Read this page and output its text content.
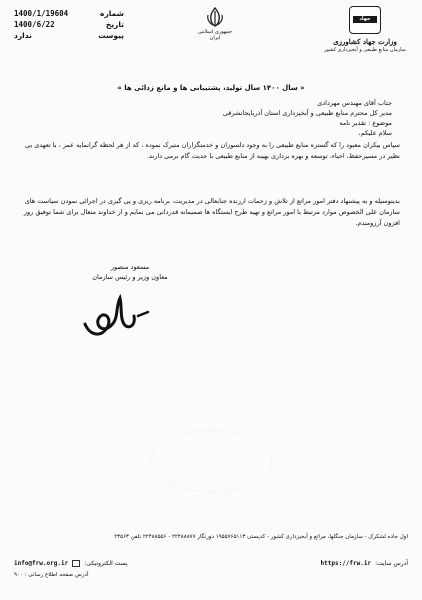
شماره
1400/1/19604
تاریخ
1400/6/22
پیوست
ندارد	جمهوری اسلامی ایران
جهاد
وزارت جهاد کشاورزی
سازمان منابع طبیعی و آبخیزداری کشور
« سال ۱۴۰۰ سال تولید، پشتیبانی ها و مانع زدائی ها »
جناب آقای مهندس مهردادی
مدیر کل محترم منابع طبیعی و آبخیزداری استان آذربایجانشرقی
موضوع : تقدیر نامه
سلام علیکم،
سپاس بیکران معبود را که گستره منابع طبیعی را به وجود دلسوزان و خدمتگزاران متبرک نموده ، که از هر لحظه گرانمایه عمر ، با تعهدی بی نظیر در مسیرحفظ، احیاء، توسعه و بهره برداری بهینه از منابع طبیعی با جدیت گام برمی دارند.
بدینوسیله و به پیشنهاد دفتر امور مراتع از تلاش و زحمات ارزنده جنابعالی در مدیریت، برنامه ریزی و پی گیری در اجرائی نمودن سیاست های سازمان علی الخصوص موارد مرتبط با امور مراتع و تهیه طرح ایستگاه ها صمیمانه قدردانی می نمایم و از خداوند متعال برای شما توفیق روز افزون آرزومندم.
مسعود منصور
معاون وزیر و رئیس سازمان
اول جاده لشکرک - سازمان جنگلها، مراتع و آبخیزداری کشور - کدپستی ۱۹۵۵۷۶۵۱۱۳ دورنگار ۲۲۴۸۸۸۷۷ - ۲۲۴۸۸۵۵۶ تلفن ۲۳۵۶۳
آدرس سایت:
https://frw.ir
پست الکترونیکی:
info@frw.org.ir
آدرس صفحه اطلاع رسانی : ۹۰۰
